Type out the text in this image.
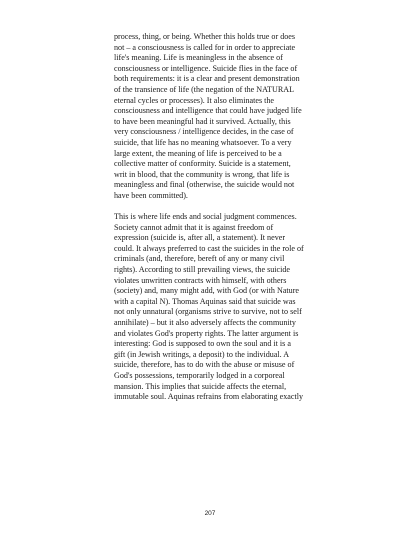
process, thing, or being. Whether this holds true or does
not – a consciousness is called for in order to appreciate
life's meaning. Life is meaningless in the absence of
consciousness or intelligence. Suicide flies in the face of
both requirements: it is a clear and present demonstration
of the transience of life (the negation of the NATURAL
eternal cycles or processes). It also eliminates the
consciousness and intelligence that could have judged life
to have been meaningful had it survived. Actually, this
very consciousness / intelligence decides, in the case of
suicide, that life has no meaning whatsoever. To a very
large extent, the meaning of life is perceived to be a
collective matter of conformity. Suicide is a statement,
writ in blood, that the community is wrong, that life is
meaningless and final (otherwise, the suicide would not
have been committed).

This is where life ends and social judgment commences.
Society cannot admit that it is against freedom of
expression (suicide is, after all, a statement). It never
could. It always preferred to cast the suicides in the role of
criminals (and, therefore, bereft of any or many civil
rights). According to still prevailing views, the suicide
violates unwritten contracts with himself, with others
(society) and, many might add, with God (or with Nature
with a capital N). Thomas Aquinas said that suicide was
not only unnatural (organisms strive to survive, not to self
annihilate) – but it also adversely affects the community
and violates God's property rights. The latter argument is
interesting: God is supposed to own the soul and it is a
gift (in Jewish writings, a deposit) to the individual. A
suicide, therefore, has to do with the abuse or misuse of
God's possessions, temporarily lodged in a corporeal
mansion. This implies that suicide affects the eternal,
immutable soul. Aquinas refrains from elaborating exactly

207
